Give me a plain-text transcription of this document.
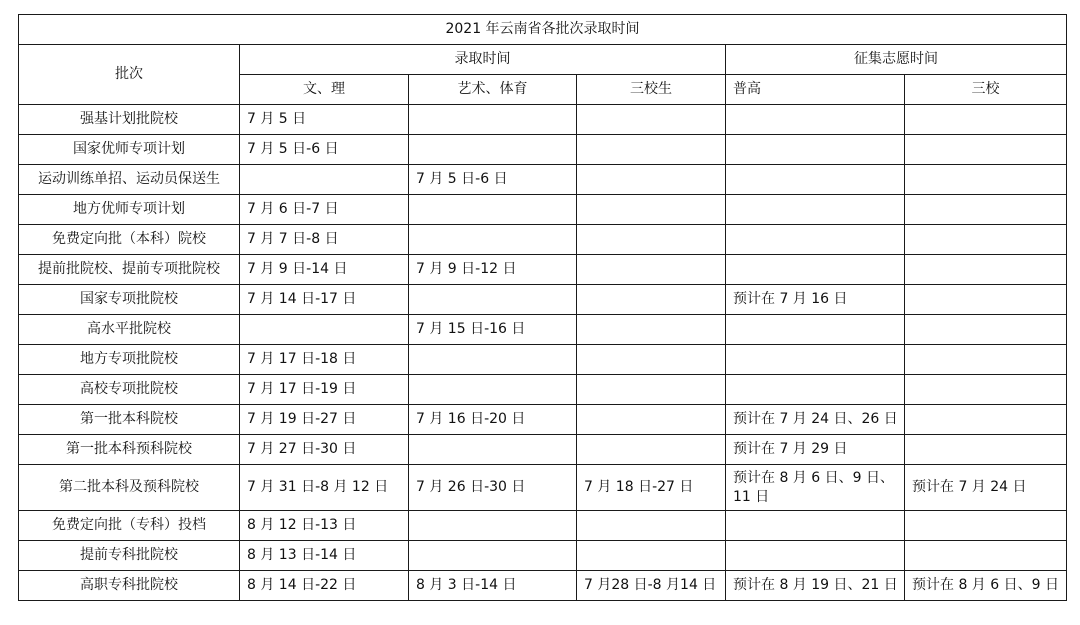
2021 年云南省各批次录取时间					
批次	录取时间			征集志愿时间	
	文、理	艺术、体育	三校生	普高	三校
强基计划批院校	7 月 5 日				
国家优师专项计划	7 月 5 日-6 日				
运动训练单招、运动员保送生		7 月 5 日-6 日			
地方优师专项计划	7 月 6 日-7 日				
免费定向批（本科）院校	7 月 7 日-8 日				
提前批院校、提前专项批院校	7 月 9 日-14 日	7 月 9 日-12 日			
国家专项批院校	7 月 14 日-17 日			预计在 7 月 16 日	
高水平批院校		7 月 15 日-16 日			
地方专项批院校	7 月 17 日-18 日				
高校专项批院校	7 月 17 日-19 日				
第一批本科院校	7 月 19 日-27 日	7 月 16 日-20 日		预计在 7 月 24 日、26 日	
第一批本科预科院校	7 月 27 日-30 日			预计在 7 月 29 日	
第二批本科及预科院校	7 月 31 日-8 月 12 日	7 月 26 日-30 日	7 月 18 日-27 日	预计在 8 月 6 日、9 日、11 日	预计在 7 月 24 日
免费定向批（专科）投档	8 月 12 日-13 日				
提前专科批院校	8 月 13 日-14 日				
高职专科批院校	8 月 14 日-22 日	8 月 3 日-14 日	7 月28 日-8 月14 日	预计在 8 月 19 日、21 日	预计在 8 月 6 日、9 日
